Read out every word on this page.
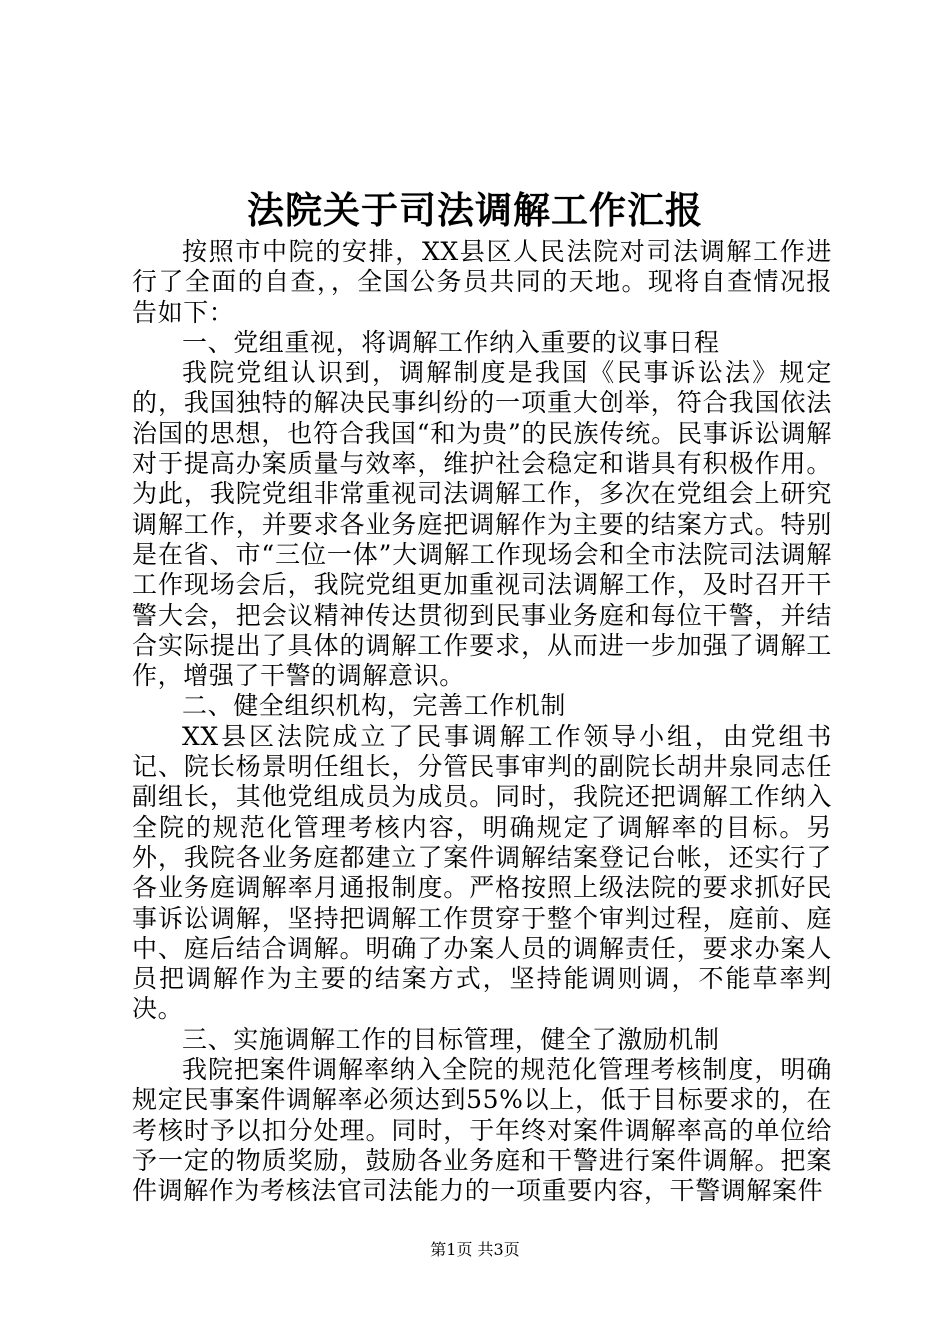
法院关于司法调解工作汇报

按照市中院的安排，XX县区人民法院对司法调解工作进行了全面的自查，，全国公务员共同的天地。现将自查情况报告如下：

一、党组重视，将调解工作纳入重要的议事日程

我院党组认识到，调解制度是我国《民事诉讼法》规定的，我国独特的解决民事纠纷的一项重大创举，符合我国依法治国的思想，也符合我国“和为贵”的民族传统。民事诉讼调解对于提高办案质量与效率，维护社会稳定和谐具有积极作用。为此，我院党组非常重视司法调解工作，多次在党组会上研究调解工作，并要求各业务庭把调解作为主要的结案方式。特别是在省、市“三位一体”大调解工作现场会和全市法院司法调解工作现场会后，我院党组更加重视司法调解工作，及时召开干警大会，把会议精神传达贯彻到民事业务庭和每位干警，并结合实际提出了具体的调解工作要求，从而进一步加强了调解工作，增强了干警的调解意识。

二、健全组织机构，完善工作机制

XX县区法院成立了民事调解工作领导小组，由党组书记、院长杨景明任组长，分管民事审判的副院长胡井泉同志任副组长，其他党组成员为成员。同时，我院还把调解工作纳入全院的规范化管理考核内容，明确规定了调解率的目标。另外，我院各业务庭都建立了案件调解结案登记台帐，还实行了各业务庭调解率月通报制度。严格按照上级法院的要求抓好民事诉讼调解，坚持把调解工作贯穿于整个审判过程，庭前、庭中、庭后结合调解。明确了办案人员的调解责任，要求办案人员把调解作为主要的结案方式，坚持能调则调，不能草率判决。

三、实施调解工作的目标管理，健全了激励机制

我院把案件调解率纳入全院的规范化管理考核制度，明确规定民事案件调解率必须达到55%以上，低于目标要求的，在考核时予以扣分处理。同时，于年终对案件调解率高的单位给予一定的物质奖励，鼓励各业务庭和干警进行案件调解。把案件调解作为考核法官司法能力的一项重要内容，干警调解案件

第1页 共3页
